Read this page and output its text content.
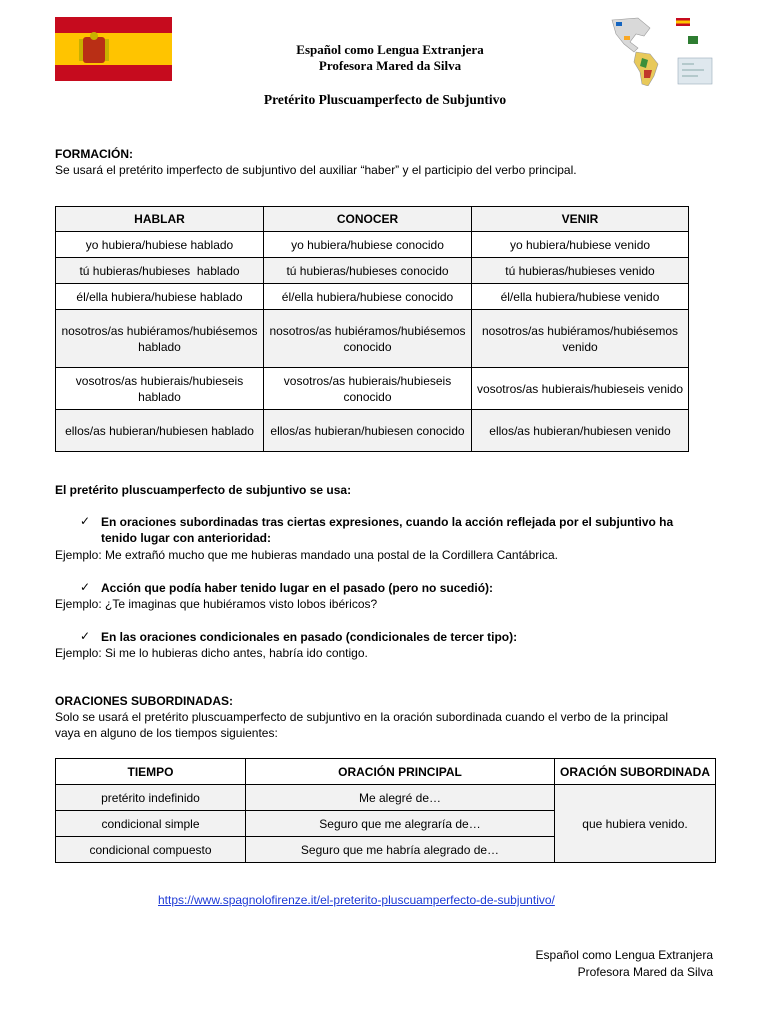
Español como Lengua Extranjera
Profesora Mared da Silva
Pretérito Pluscuamperfecto de Subjuntivo
FORMACIÓN:
Se usará el pretérito imperfecto de subjuntivo del auxiliar “haber” y el participio del verbo principal.
HABLAR	CONOCER	VENIR
yo hubiera/hubiese hablado	yo hubiera/hubiese conocido	yo hubiera/hubiese venido
tú hubieras/hubieses  hablado	tú hubieras/hubieses conocido	tú hubieras/hubieses venido
él/ella hubiera/hubiese hablado	él/ella hubiera/hubiese conocido	él/ella hubiera/hubiese venido
nosotros/as hubiéramos/hubiésemos hablado	nosotros/as hubiéramos/hubiésemos conocido	nosotros/as hubiéramos/hubiésemos venido
vosotros/as hubierais/hubieseis hablado	vosotros/as hubierais/hubieseis conocido	vosotros/as hubierais/hubieseis venido
ellos/as hubieran/hubiesen hablado	ellos/as hubieran/hubiesen conocido	ellos/as hubieran/hubiesen venido
El pretérito pluscuamperfecto de subjuntivo se usa:
✓ En oraciones subordinadas tras ciertas expresiones, cuando la acción reflejada por el subjuntivo ha tenido lugar con anterioridad:
Ejemplo: Me extrañó mucho que me hubieras mandado una postal de la Cordillera Cantábrica.
✓ Acción que podía haber tenido lugar en el pasado (pero no sucedió):
Ejemplo: ¿Te imaginas que hubiéramos visto lobos ibéricos?
✓ En las oraciones condicionales en pasado (condicionales de tercer tipo):
Ejemplo: Si me lo hubieras dicho antes, habría ido contigo.
ORACIONES SUBORDINADAS:
Solo se usará el pretérito pluscuamperfecto de subjuntivo en la oración subordinada cuando el verbo de la principal vaya en alguno de los tiempos siguientes:
TIEMPO	ORACIÓN PRINCIPAL	ORACIÓN SUBORDINADA
pretérito indefinido	Me alegré de…	que hubiera venido.
condicional simple	Seguro que me alegraría de…	
condicional compuesto	Seguro que me habría alegrado de…	
https://www.spagnolofirenze.it/el-preterito-pluscuamperfecto-de-subjuntivo/
Español como Lengua Extranjera
Profesora Mared da Silva
